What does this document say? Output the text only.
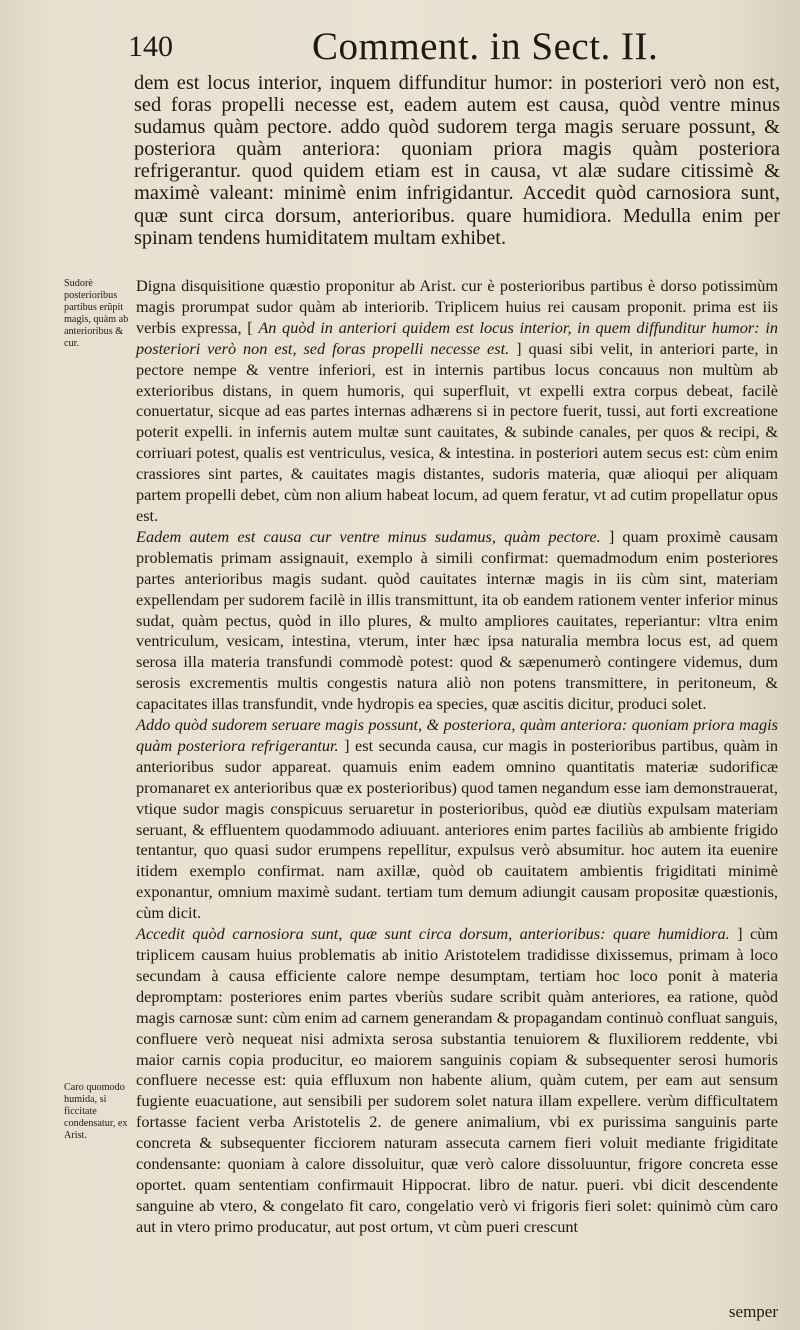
140	Comment. in Sect. II.

dem est locus interior, inquem diffunditur humor: in posteriori verò non est, sed foras propelli necesse est, eadem autem est causa, quòd ventre minus sudamus quàm pectore. addo quòd sudorem terga magis seruare possunt, & posteriora quàm anteriora: quoniam priora magis quàm posteriora refrigerantur. quod quidem etiam est in causa, vt alæ sudare citissimè & maximè valeant: minimè enim infrigidantur. Accedit quòd carnosiora sunt, quæ sunt circa dorsum, anterioribus. quare humidiora. Medulla enim per spinam tendens humiditatem multam exhibet.

Sudorè posterioribus partibus erũpit magis, quàm ab anterioribus & cur.
Caro quomodo humida, si ficcitate condensatur, ex Arist.

Digna disquisitione quæstio proponitur ab Arist. cur è posterioribus partibus è dorso potissimùm magis prorumpat sudor quàm ab interiorib. Triplicem huius rei causam proponit. prima est iis verbis expressa, [ An quòd in anteriori quidem est locus interior, in quem diffunditur humor: in posteriori verò non est, sed foras propelli necesse est. ] quasi sibi velit, in anteriori parte, in pectore nempe & ventre inferiori, est in internis partibus locus concauus non multùm ab exterioribus distans, in quem humoris, qui superfluit, vt expelli extra corpus debeat, facilè conuertatur, sicque ad eas partes internas adhærens si in pectore fuerit, tussi, aut forti excreatione poterit expelli. in infernis autem multæ sunt cauitates, & subinde canales, per quos & recipi, & corriuari potest, qualis est ventriculus, vesica, & intestina. in posteriori autem secus est: cùm enim crassiores sint partes, & cauitates magis distantes, sudoris materia, quæ alioqui per aliquam partem propelli debet, cùm non alium habeat locum, ad quem feratur, vt ad cutim propellatur opus est.

Eadem autem est causa cur ventre minus sudamus, quàm pectore. ] quam proximè causam problematis primam assignauit, exemplo à simili confirmat: quemadmodum enim posteriores partes anterioribus magis sudant. quòd cauitates internæ magis in iis cùm sint, materiam expellendam per sudorem facilè in illis transmittunt, ita ob eandem rationem venter inferior minus sudat, quàm pectus, quòd in illo plures, & multo ampliores cauitates, reperiantur: vltra enim ventriculum, vesicam, intestina, vterum, inter hæc ipsa naturalia membra locus est, ad quem serosa illa materia transfundi commodè potest: quod & sæpenumerò contingere videmus, dum serosis excrementis multis congestis natura aliò non potens transmittere, in peritoneum, & capacitates illas transfundit, vnde hydropis ea species, quæ ascitis dicitur, produci solet.

Addo quòd sudorem seruare magis possunt, & posteriora, quàm anteriora: quoniam priora magis quàm posteriora refrigerantur. ] est secunda causa, cur magis in posterioribus partibus, quàm in anterioribus sudor appareat. quamuis enim eadem omnino quantitatis materiæ sudorificæ promanaret ex anterioribus quæ ex posterioribus) quod tamen negandum esse iam demonstrauerat, vtique sudor magis conspicuus seruaretur in posterioribus, quòd eæ diutiùs expulsam materiam seruant, & effluentem quodammodo adiuuant. anteriores enim partes faciliùs ab ambiente frigido tentantur, quo quasi sudor erumpens repellitur, expulsus verò absumitur. hoc autem ita euenire itidem exemplo confirmat. nam axillæ, quòd ob cauitatem ambientis frigiditati minimè exponantur, omnium maximè sudant. tertiam tum demum adiungit causam propositæ quæstionis, cùm dicit.

Accedit quòd carnosiora sunt, quæ sunt circa dorsum, anterioribus: quare humidiora. ] cùm triplicem causam huius problematis ab initio Aristotelem tradidisse dixissemus, primam à loco secundam à causa efficiente calore nempe desumptam, tertiam hoc loco ponit à materia depromptam: posteriores enim partes vberiùs sudare scribit quàm anteriores, ea ratione, quòd magis carnosæ sunt: cùm enim ad carnem generandam & propagandam continuò confluat sanguis, confluere verò nequeat nisi admixta serosa substantia tenuiorem & fluxiliorem reddente, vbi maior carnis copia producitur, eo maiorem sanguinis copiam & subsequenter serosi humoris confluere necesse est: quia effluxum non habente alium, quàm cutem, per eam aut sensum fugiente euacuatione, aut sensibili per sudorem solet natura illam expellere. verùm difficultatem fortasse facient verba Aristotelis 2. de genere animalium, vbi ex purissima sanguinis parte concreta & subsequenter ficciorem naturam assecuta carnem fieri voluit mediante frigiditate condensante: quoniam à calore dissoluitur, quæ verò calore dissoluuntur, frigore concreta esse oportet. quam sententiam confirmauit Hippocrat. libro de natur. pueri. vbi dicit descendente sanguine ab vtero, & congelato fit caro, congelatio verò vi frigoris fieri solet: quinimò cùm caro aut in vtero primo producatur, aut post ortum, vt cùm pueri crescunt

semper
